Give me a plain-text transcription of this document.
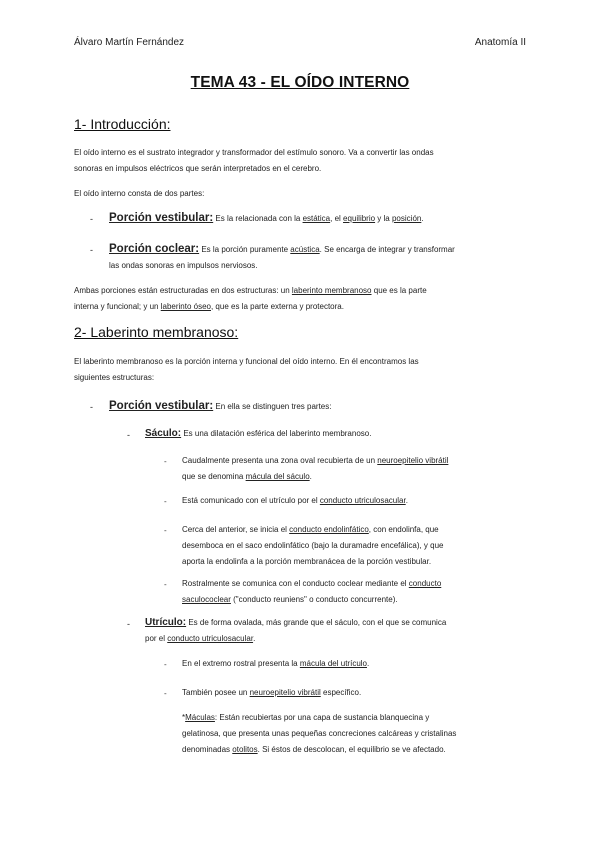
Álvaro Martín Fernández	Anatomía II
TEMA 43 - EL OÍDO INTERNO
1- Introducción:
El oído interno es el sustrato integrador y transformador del estímulo sonoro. Va a convertir las ondas
sonoras en impulsos eléctricos que serán interpretados en el cerebro.
El oído interno consta de dos partes:
- Porción vestibular: Es la relacionada con la estática, el equilibrio y la posición.
- Porción coclear: Es la porción puramente acústica. Se encarga de integrar y transformar
las ondas sonoras en impulsos nerviosos.
Ambas porciones están estructuradas en dos estructuras: un laberinto membranoso que es la parte
interna y funcional; y un laberinto óseo, que es la parte externa y protectora.
2- Laberinto membranoso:
El laberinto membranoso es la porción interna y funcional del oído interno. En él encontramos las
siguientes estructuras:
- Porción vestibular: En ella se distinguen tres partes:
- Sáculo: Es una dilatación esférica del laberinto membranoso.
- Caudalmente presenta una zona oval recubierta de un neuroepitelio vibrátil
que se denomina mácula del sáculo.
- Está comunicado con el utrículo por el conducto utriculosacular.
- Cerca del anterior, se inicia el conducto endolinfático, con endolinfa, que
desemboca en el saco endolinfático (bajo la duramadre encefálica), y que
aporta la endolinfa a la porción membranácea de la porción vestibular.
- Rostralmente se comunica con el conducto coclear mediante el conducto
saculococlear ("conducto reuniens" o conducto concurrente).
- Utrículo: Es de forma ovalada, más grande que el sáculo, con el que se comunica
por el conducto utriculosacular.
- En el extremo rostral presenta la mácula del utrículo.
- También posee un neuroepitelio vibrátil específico.
*Máculas: Están recubiertas por una capa de sustancia blanquecina y
gelatinosa, que presenta unas pequeñas concreciones calcáreas y cristalinas
denominadas otolitos. Si éstos de descolocan, el equilibrio se ve afectado.
